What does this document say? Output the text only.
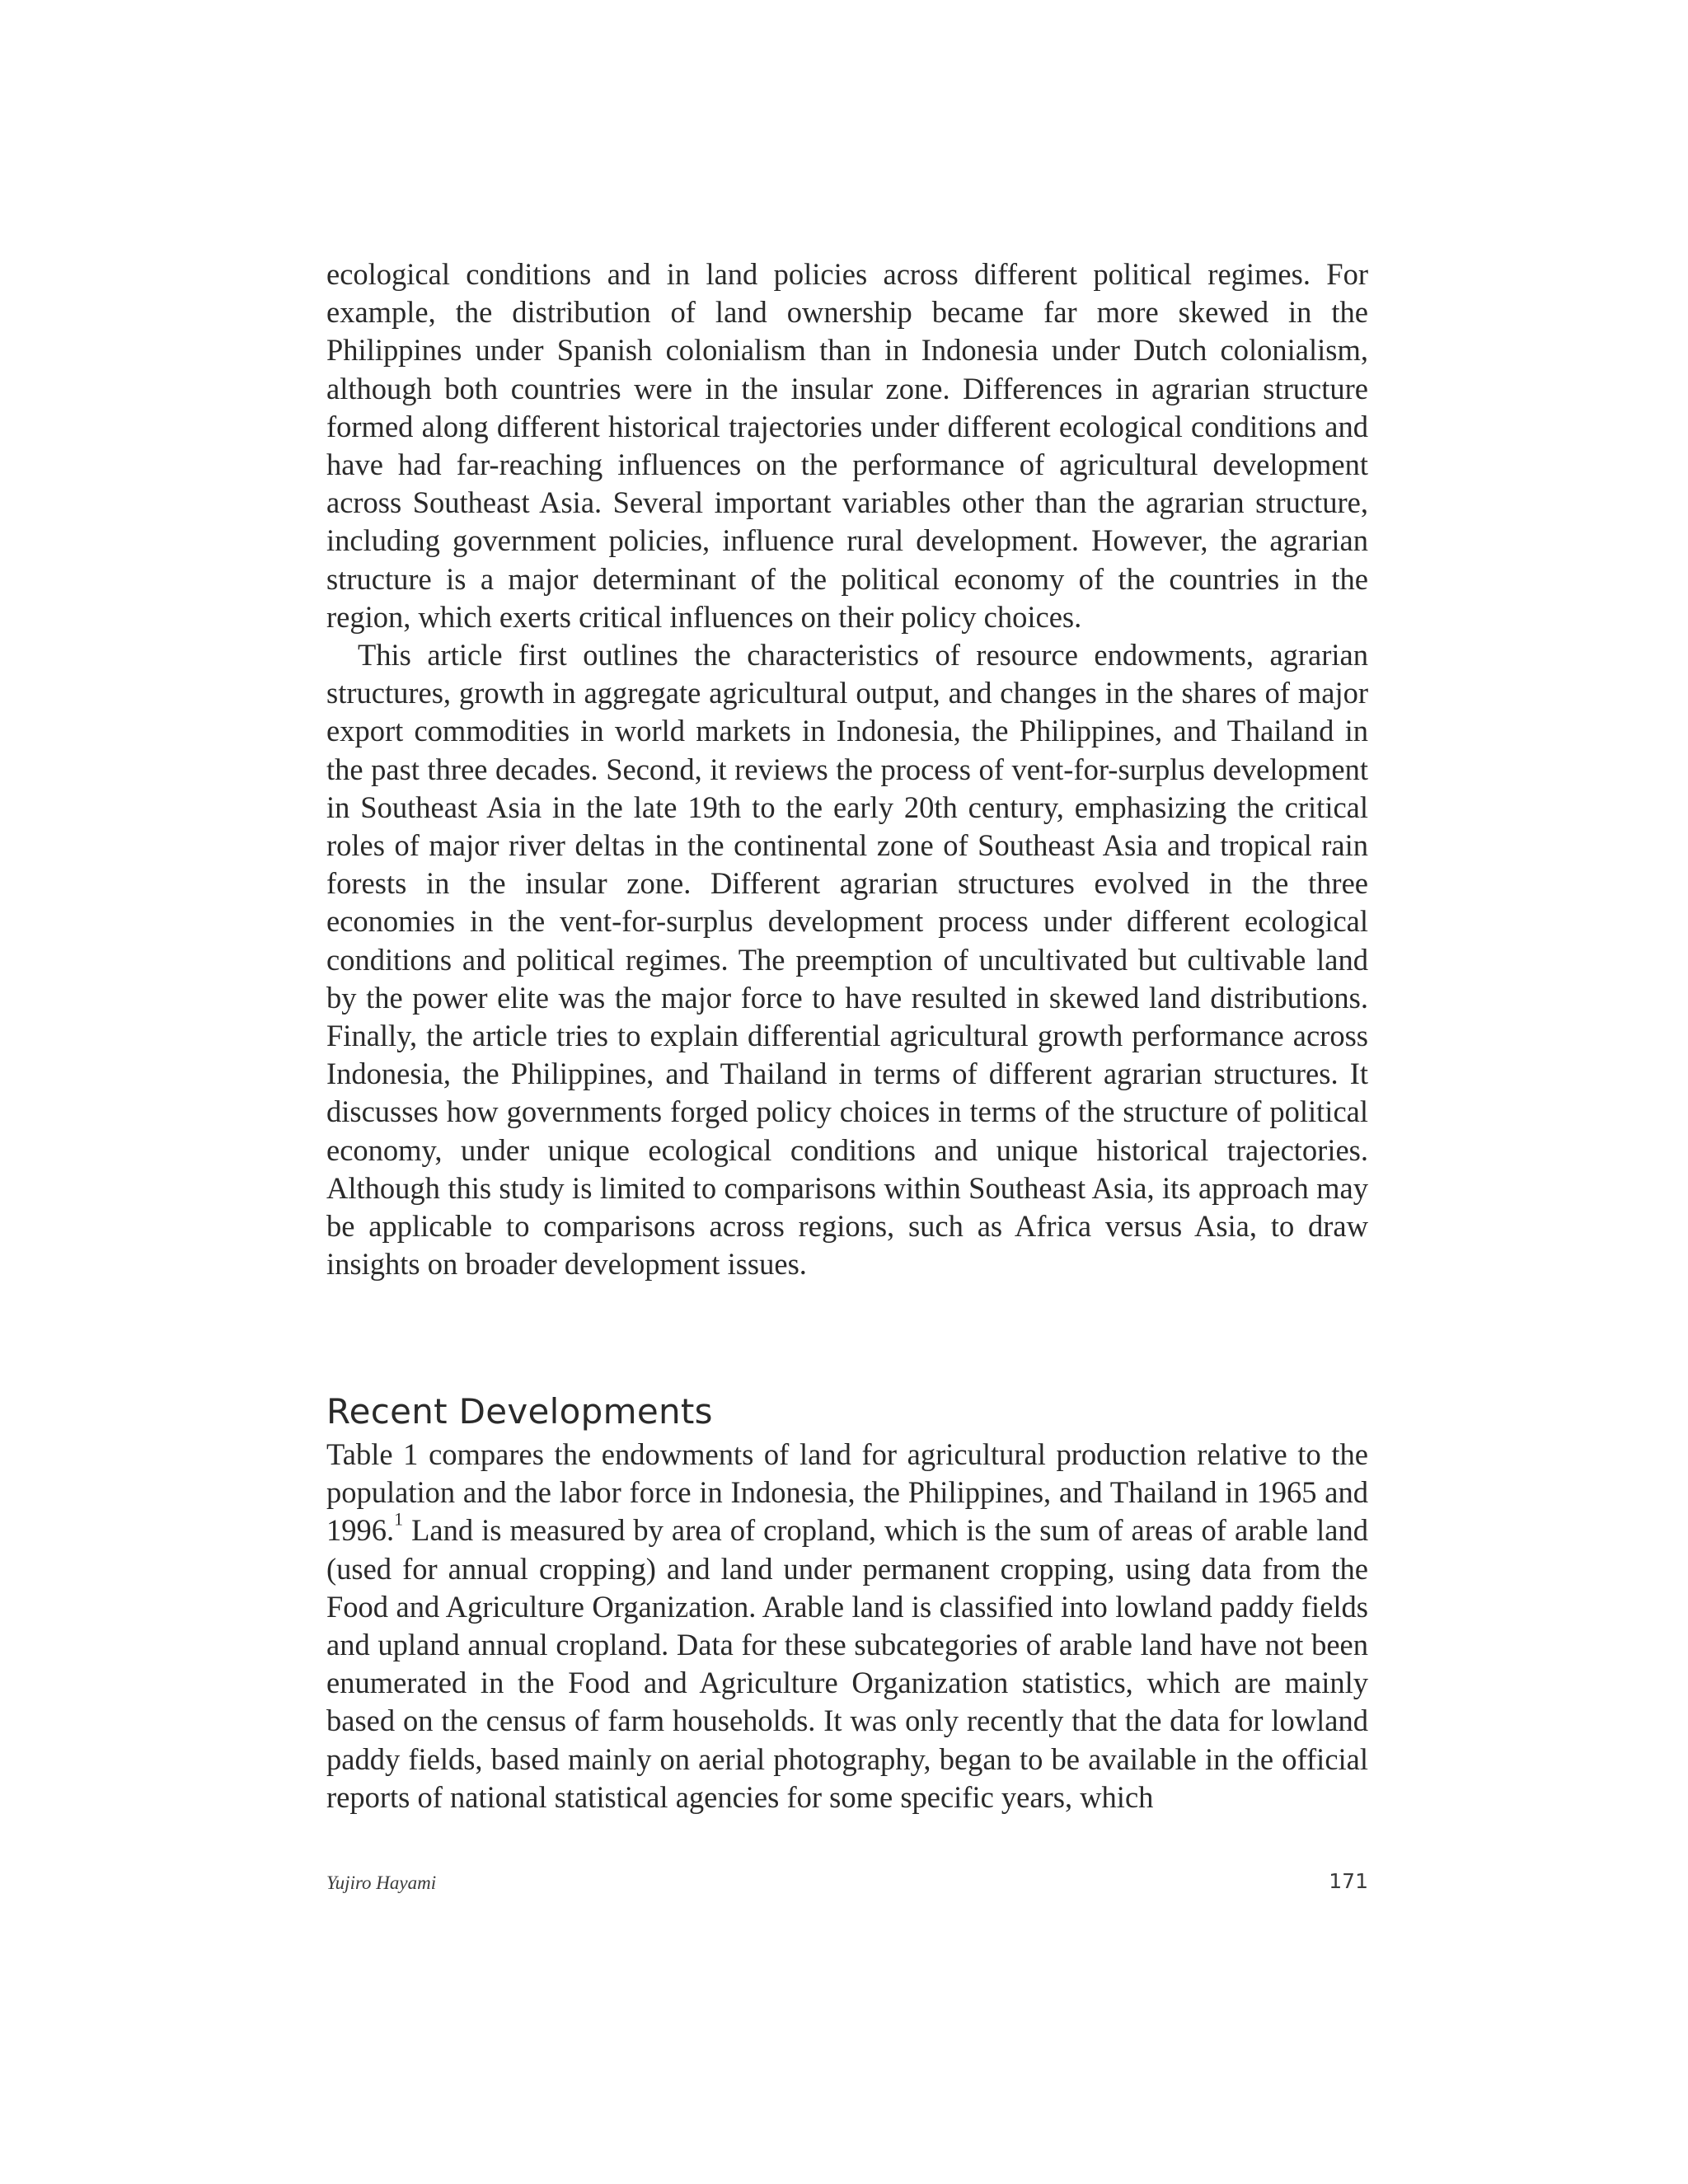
ecological conditions and in land policies across different political regimes. For example, the distribution of land ownership became far more skewed in the Philippines under Spanish colonialism than in Indonesia under Dutch colonialism, although both countries were in the insular zone. Differences in agrarian structure formed along different historical trajectories under different ecological conditions and have had far-reaching influences on the performance of agricultural development across Southeast Asia. Several important variables other than the agrarian structure, including government policies, influence rural development. However, the agrarian structure is a major determinant of the political economy of the countries in the region, which exerts critical influences on their policy choices.

This article first outlines the characteristics of resource endowments, agrarian structures, growth in aggregate agricultural output, and changes in the shares of major export commodities in world markets in Indonesia, the Philippines, and Thailand in the past three decades. Second, it reviews the process of vent-for-surplus development in Southeast Asia in the late 19th to the early 20th century, emphasizing the critical roles of major river deltas in the continental zone of Southeast Asia and tropical rain forests in the insular zone. Different agrarian structures evolved in the three economies in the vent-for-surplus development process under different ecological conditions and political regimes. The preemption of uncultivated but cultivable land by the power elite was the major force to have resulted in skewed land distributions. Finally, the article tries to explain differential agricultural growth performance across Indonesia, the Philippines, and Thailand in terms of different agrarian structures. It discusses how governments forged policy choices in terms of the structure of political economy, under unique ecological conditions and unique historical trajectories. Although this study is limited to comparisons within Southeast Asia, its approach may be applicable to comparisons across regions, such as Africa versus Asia, to draw insights on broader development issues.

Recent Developments

Table 1 compares the endowments of land for agricultural production relative to the population and the labor force in Indonesia, the Philippines, and Thailand in 1965 and 1996.$^1$ Land is measured by area of cropland, which is the sum of areas of arable land (used for annual cropping) and land under permanent cropping, using data from the Food and Agriculture Organization. Arable land is classified into lowland paddy fields and upland annual cropland. Data for these subcategories of arable land have not been enumerated in the Food and Agriculture Organization statistics, which are mainly based on the census of farm households. It was only recently that the data for lowland paddy fields, based mainly on aerial photography, began to be available in the official reports of national statistical agencies for some specific years, which

Yujiro Hayami	171
